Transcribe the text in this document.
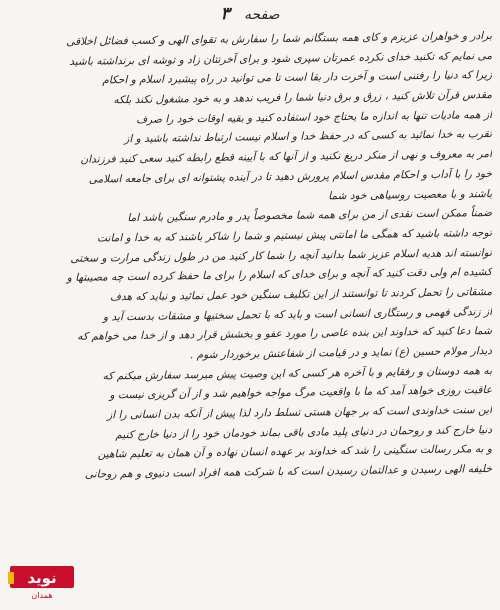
صفحه ۳
برادر و خواهران عزیزم و کای همه بستگانم شما را سفارش به تقوای الهی و کسب فضائل اخلاقی
می نمایم که تکنید خدای نکرده عمرتان سپری شود و برای آخرتتان زاد و توشه ای برنداشته باشید
زیرا که دنیا را رفتنی است و آخرت دار بقا است تا می توانید در راه پیشبرد اسلام و احکام
مقدس قرآن تلاش کنید ، زرق و برق دنیا شما را فریب ندهد و به خود مشغول نکند بلکه
از همه مادیات تنها به اندازه ما یحتاج خود استفاده کنید و بقیه اوقات خود را صرف
تقرب به خدا نمائید به کسی که در حفظ خدا و اسلام نیست ارتباط نداشته باشید و از
امر به معروف و نهی از منکر دریغ نکنید و از آنها که با آیینه قطع رابطه کنید سعی کنید فرزندان
خود را با آداب و احکام مقدس اسلام پرورش دهید تا در آینده پشتوانه ای برای جامعه اسلامی
باشند و با معصیت روسیاهی خود شما
ضمناً ممکن است نقدی از من برای همه شما مخصوصاً پدر و مادرم سنگین باشد اما
توجه داشته باشید که همگی ما امانتی پیش نیستیم و شما را شاکر باشند که به خدا و امانت
توانسته اند هدیه اسلام عزیز شما بدانید آنچه را شما کار کنید من در طول زندگی مرارت و سختی
کشیده ام ولی دقت کنید که آنچه و برای خدای که اسلام را برای ما حفظ کرده است چه مصیبتها و
مشقاتی را تحمل کردند تا توانستند از این تکلیف سنگین خود عمل نمائید و نباید که هدف
از زندگی فهمی و رستگاری انسانی است و باید که با تحمل سختیها و مشقات بدست آید و
شما دعا کنید که خداوند این بنده عاصی را مورد عفو و بخشش قرار دهد و از خدا می خواهم که
دیدار مولام حسین (ع) نماید و در قیامت از شفاعتش برخوردار شوم .
به همه دوستان و رفقایم و با آخره هر کسی که این وصیت پیش میرسد سفارش میکنم که
عاقبت روزی خواهد آمد که ما با واقعیت مرگ مواجه خواهیم شد و از آن گریزی نیست و
این سنت خداوندی است که بر جهان هستی تسلط دارد لذا پیش از آنکه بدن انسانی را از
دنیا خارج کند و روحمان در دنیای پلید مادی باقی بماند خودمان خود را از دنیا خارج کنیم
و به مکر رسالت سنگینی را شد که خداوند بر عهده انسان نهاده و آن همان به تعلیم شاهین
خلیفه الهی رسیدن و عدالتمان رسیدن است که با شرکت همه افراد است دنیوی و هم روحانی
نوید
همدان
